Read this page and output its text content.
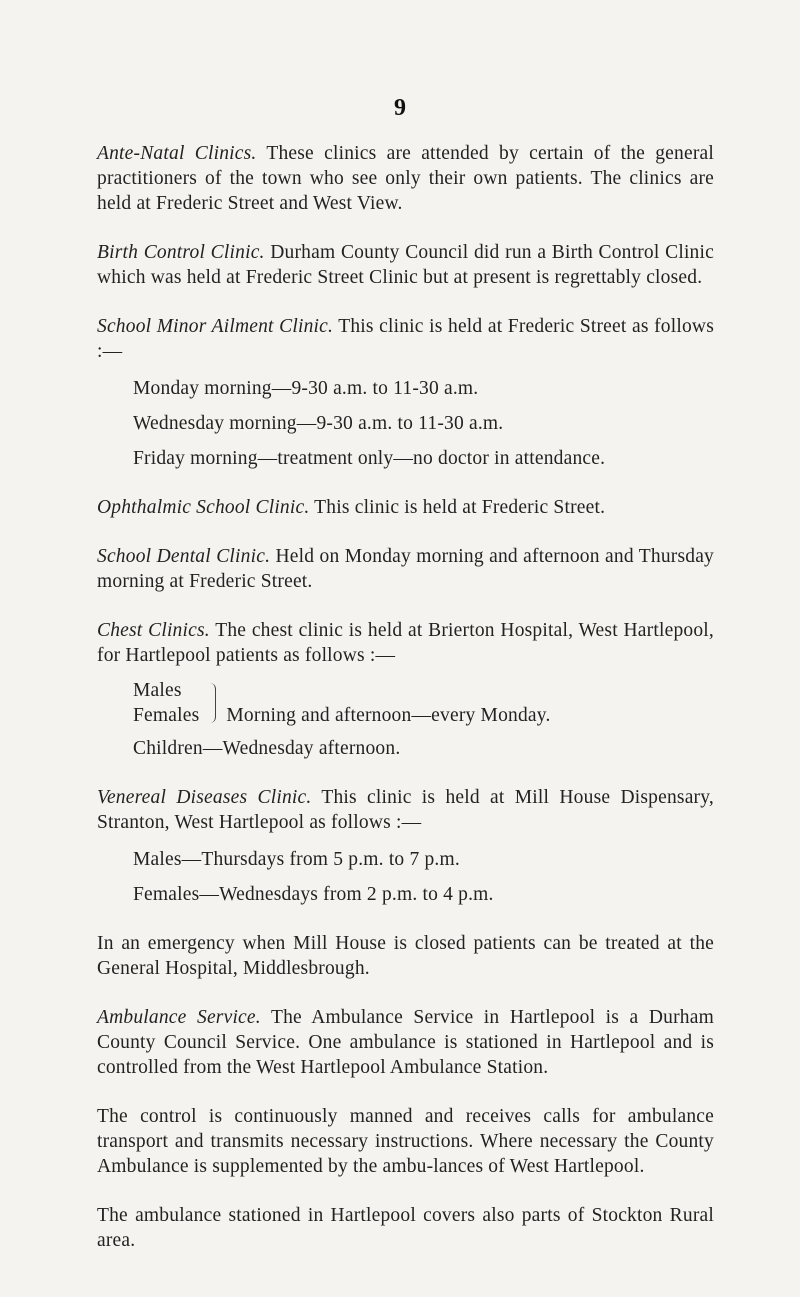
9

Ante-Natal Clinics. These clinics are attended by certain of the general practitioners of the town who see only their own patients. The clinics are held at Frederic Street and West View.

Birth Control Clinic. Durham County Council did run a Birth Control Clinic which was held at Frederic Street Clinic but at present is regrettably closed.

School Minor Ailment Clinic. This clinic is held at Frederic Street as follows :—

Monday morning—9-30 a.m. to 11-30 a.m.
Wednesday morning—9-30 a.m. to 11-30 a.m.
Friday morning—treatment only—no doctor in attendance.

Ophthalmic School Clinic. This clinic is held at Frederic Street.

School Dental Clinic. Held on Monday morning and afternoon and Thursday morning at Frederic Street.

Chest Clinics. The chest clinic is held at Brierton Hospital, West Hartlepool, for Hartlepool patients as follows :—

Males
Females Morning and afternoon—every Monday.
Children—Wednesday afternoon.

Venereal Diseases Clinic. This clinic is held at Mill House Dispensary, Stranton, West Hartlepool as follows :—

Males—Thursdays from 5 p.m. to 7 p.m.
Females—Wednesdays from 2 p.m. to 4 p.m.

In an emergency when Mill House is closed patients can be treated at the General Hospital, Middlesbrough.

Ambulance Service. The Ambulance Service in Hartlepool is a Durham County Council Service. One ambulance is stationed in Hartlepool and is controlled from the West Hartlepool Ambulance Station.

The control is continuously manned and receives calls for ambulance transport and transmits necessary instructions. Where necessary the County Ambulance is supplemented by the ambu-lances of West Hartlepool.

The ambulance stationed in Hartlepool covers also parts of Stockton Rural area.
